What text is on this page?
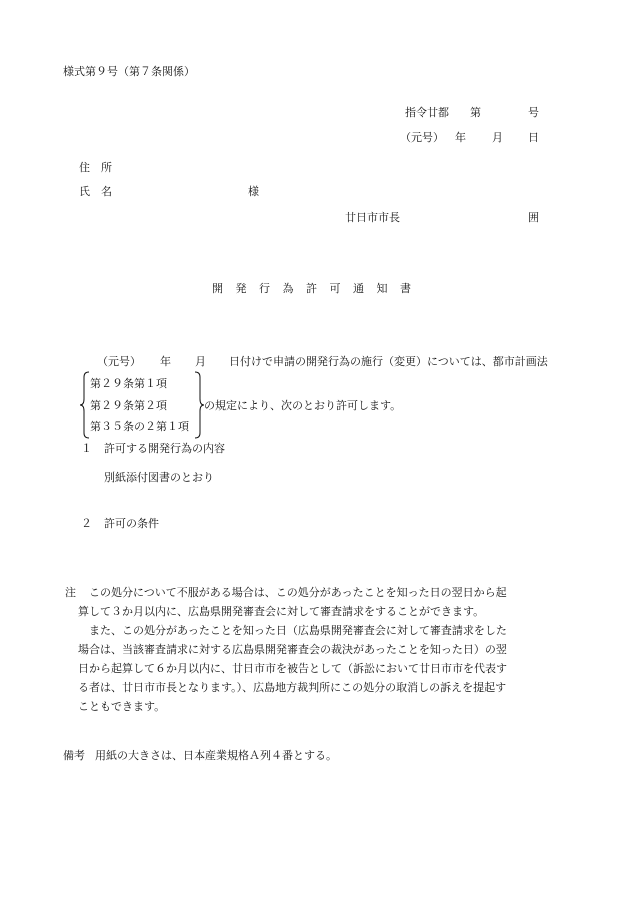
様式第９号（第７条関係）
指令廿都 第	号
（元号） 年 月 日
住　所
氏　名	様
廿日市市長	囲
開発行為許可通知書
（元号） 年 月 日付けで申請の開発行為の施行（変更）については、都市計画法
第２９条第１項
第２９条第２項
第３５条の２第１項
の規定により、次のとおり許可します。
１ 許可する開発行為の内容
別紙添付図書のとおり
２ 許可の条件
注 この処分について不服がある場合は、この処分があったことを知った日の翌日から起
算して３か月以内に、広島県開発審査会に対して審査請求をすることができます。
また、この処分があったことを知った日（広島県開発審査会に対して審査請求をした
場合は、当該審査請求に対する広島県開発審査会の裁決があったことを知った日）の翌
日から起算して６か月以内に、廿日市市を被告として（訴訟において廿日市市を代表す
る者は、廿日市市長となります。）、広島地方裁判所にこの処分の取消しの訴えを提起す
こともできます。
備考 用紙の大きさは、日本産業規格Ａ列４番とする。
